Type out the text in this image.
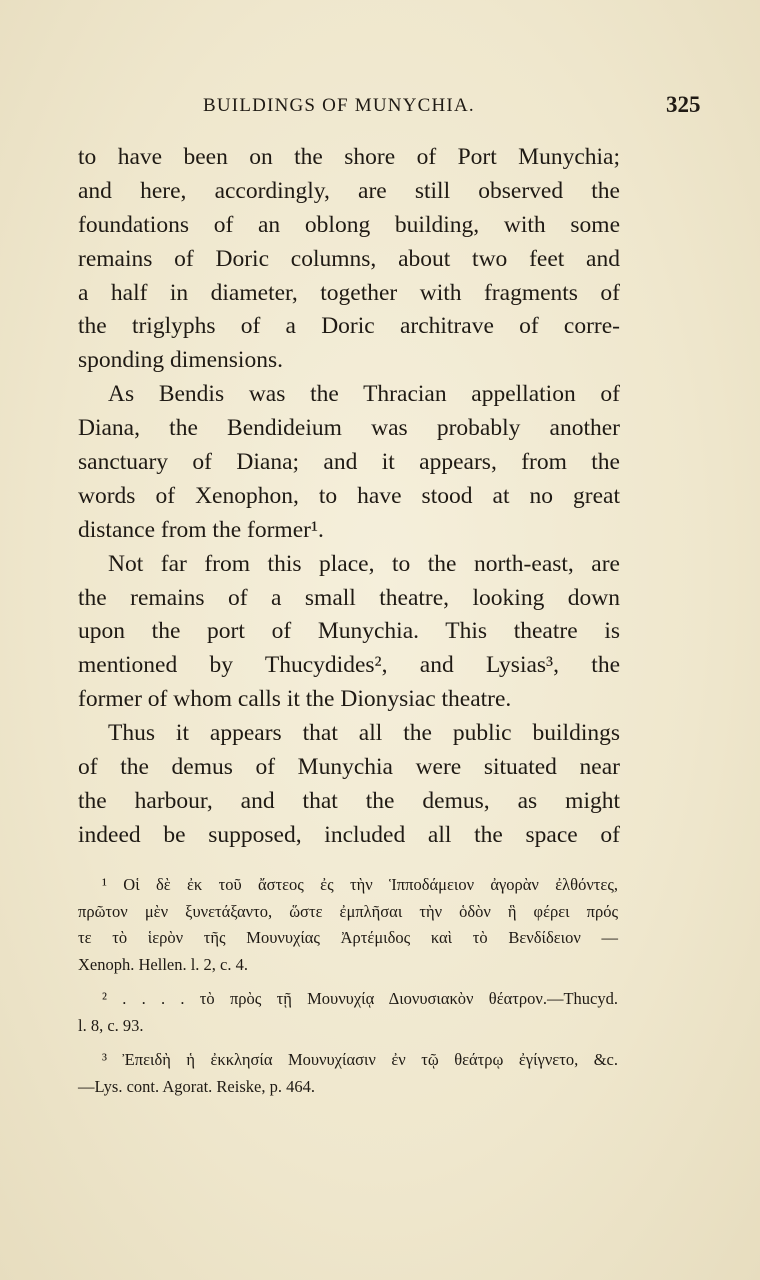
BUILDINGS OF MUNYCHIA.	325
to have been on the shore of Port Munychia;
and here, accordingly, are still observed the
foundations of an oblong building, with some
remains of Doric columns, about two feet and
a half in diameter, together with fragments of
the triglyphs of a Doric architrave of corre-
sponding dimensions.
As Bendis was the Thracian appellation of
Diana, the Bendideium was probably another
sanctuary of Diana; and it appears, from the
words of Xenophon, to have stood at no great
distance from the former¹.
Not far from this place, to the north-east, are
the remains of a small theatre, looking down
upon the port of Munychia. This theatre is
mentioned by Thucydides², and Lysias³, the
former of whom calls it the Dionysiac theatre.
Thus it appears that all the public buildings
of the demus of Munychia were situated near
the harbour, and that the demus, as might
indeed be supposed, included all the space of
¹ Οἱ δὲ ἐκ τοῦ ἄστεος ἐς τὴν Ἱπποδάμειον ἀγορὰν ἐλθόντες,
πρῶτον μὲν ξυνετάξαντο, ὥστε ἐμπλῆσαι τὴν ὁδὸν ἣ φέρει πρός
τε τὸ ἱερὸν τῆς Μουνυχίας Ἀρτέμιδος καὶ τὸ Βενδίδειον —
Xenoph. Hellen. l. 2, c. 4.
² . . . . τὸ πρὸς τῇ Μουνυχίᾳ Διονυσιακὸν θέατρον.—Thucyd.
l. 8, c. 93.
³ Ἐπειδὴ ἡ ἐκκλησία Μουνυχίασιν ἐν τῷ θεάτρῳ ἐγίγνετο, &c.
—Lys. cont. Agorat. Reiske, p. 464.
